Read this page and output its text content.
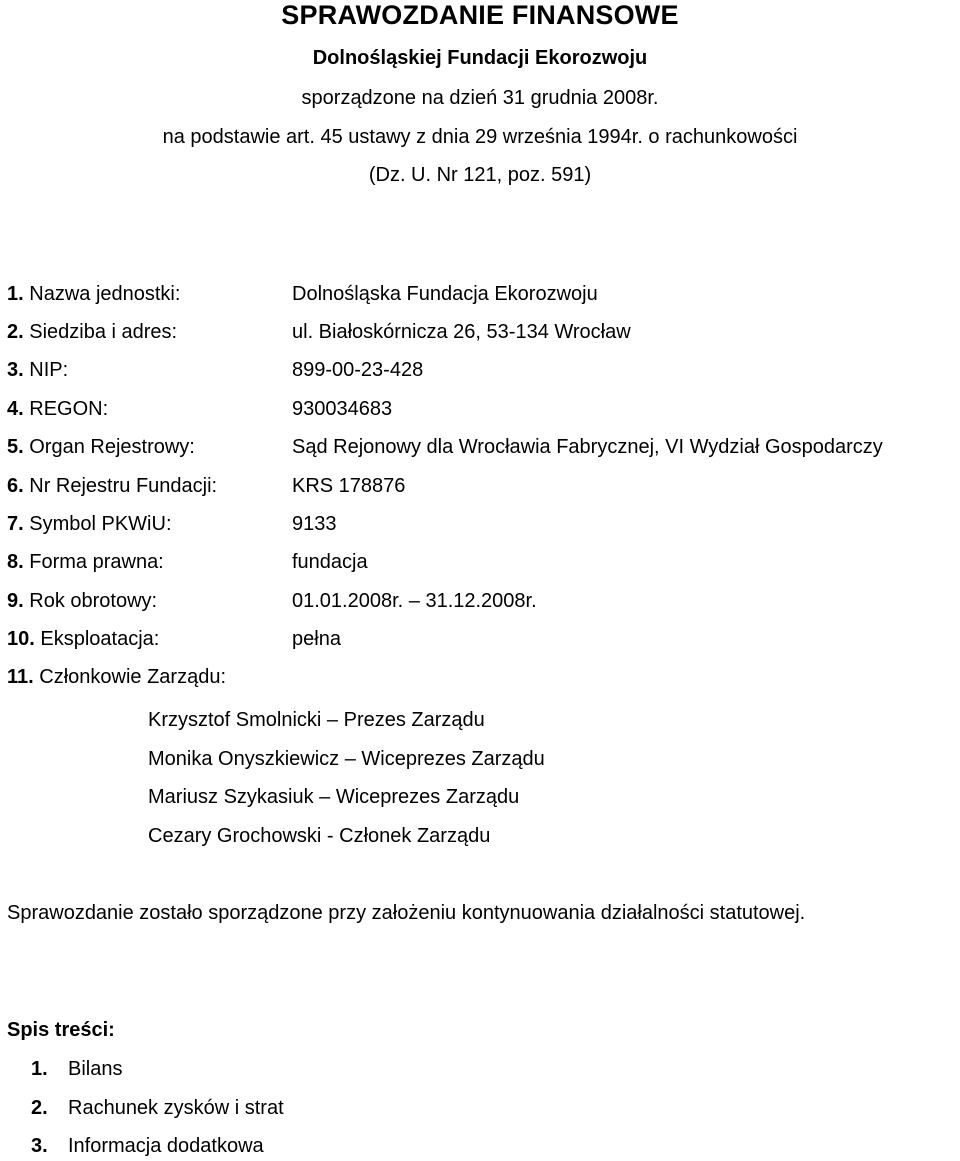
SPRAWOZDANIE FINANSOWE
Dolnośląskiej Fundacji Ekorozwoju
sporządzone na dzień 31 grudnia 2008r.
na podstawie art. 45 ustawy z dnia 29 września 1994r. o rachunkowości
(Dz. U. Nr 121, poz. 591)
1. Nazwa jednostki:	Dolnośląska Fundacja Ekorozwoju
2. Siedziba i adres:	ul. Białoskórnicza 26, 53-134 Wrocław
3. NIP:	899-00-23-428
4. REGON:	930034683
5. Organ Rejestrowy:	Sąd Rejonowy dla Wrocławia Fabrycznej, VI Wydział Gospodarczy
6. Nr Rejestru Fundacji:	KRS 178876
7. Symbol PKWiU:	9133
8. Forma prawna:	fundacja
9. Rok obrotowy:	01.01.2008r. – 31.12.2008r.
10. Eksploatacja:	pełna
11. Członkowie Zarządu:
Krzysztof Smolnicki – Prezes Zarządu
Monika Onyszkiewicz – Wiceprezes Zarządu
Mariusz Szykasiuk – Wiceprezes Zarządu
Cezary Grochowski - Członek Zarządu
Sprawozdanie zostało sporządzone przy założeniu kontynuowania działalności statutowej.
Spis treści:
1. Bilans
2. Rachunek zysków i strat
3. Informacja dodatkowa
